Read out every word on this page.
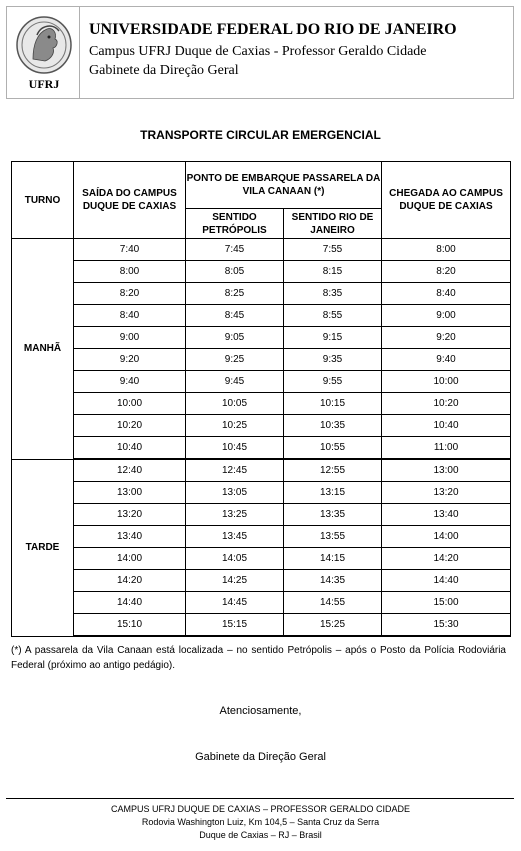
UFRJ
UNIVERSIDADE FEDERAL DO RIO DE JANEIRO
Campus UFRJ Duque de Caxias - Professor Geraldo Cidade
Gabinete da Direção Geral
TRANSPORTE CIRCULAR EMERGENCIAL
TURNO	SAÍDA DO CAMPUS DUQUE DE CAXIAS	PONTO DE EMBARQUE PASSARELA DA VILA CANAAN (*)		CHEGADA AO CAMPUS DUQUE DE CAXIAS
		SENTIDO PETRÓPOLIS	SENTIDO RIO DE JANEIRO	
MANHÃ	7:40	7:45	7:55	8:00
	8:00	8:05	8:15	8:20
	8:20	8:25	8:35	8:40
	8:40	8:45	8:55	9:00
	9:00	9:05	9:15	9:20
	9:20	9:25	9:35	9:40
	9:40	9:45	9:55	10:00
	10:00	10:05	10:15	10:20
	10:20	10:25	10:35	10:40
	10:40	10:45	10:55	11:00
TARDE	12:40	12:45	12:55	13:00
	13:00	13:05	13:15	13:20
	13:20	13:25	13:35	13:40
	13:40	13:45	13:55	14:00
	14:00	14:05	14:15	14:20
	14:20	14:25	14:35	14:40
	14:40	14:45	14:55	15:00
	15:10	15:15	15:25	15:30
(*) A passarela da Vila Canaan está localizada – no sentido Petrópolis – após o Posto da Polícia Rodoviária Federal (próximo ao antigo pedágio).
Atenciosamente,
Gabinete da Direção Geral
CAMPUS UFRJ DUQUE DE CAXIAS – PROFESSOR GERALDO CIDADE
Rodovia Washington Luiz, Km 104,5 – Santa Cruz da Serra
Duque de Caxias – RJ – Brasil
